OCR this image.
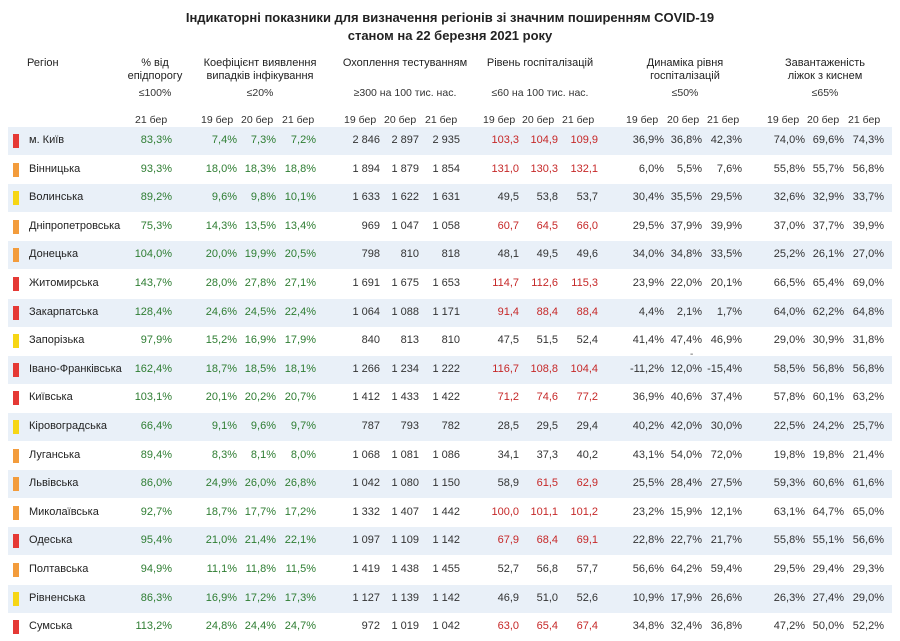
Індикаторні показники для визначення регіонів зі значним поширенням COVID-19
станом на 22 березня 2021 року
Регіон	% від
епідпорогу
≤100%
Коефіцієнт виявлення
випадків інфікування
≤20%
Охоплення тестуванням
≥300 на 100 тис. нас.
Рівень госпіталізацій
≤60 на 100 тис. нас.
Динаміка рівня
госпіталізацій
≤50%
Завантаженість
ліжок з киснем
≤65%
21 бер	19 бер 20 бер 21 бер	19 бер 20 бер 21 бер 19 бер 20 бер 21 бер	19 бер 20 бер 21 бер	19 бер 20 бер 21 бер
м. Київ	83,3%	7,4% 7,3% 7,2%	2 846 2 897 2 935	103,3 104,9 109,9	36,9% 36,8% 42,3%	74,0% 69,6% 74,3%
Вінницька	93,3%	18,0% 18,3% 18,8%	1 894 1 879 1 854	131,0 130,3 132,1	6,0% 5,5% 7,6%	55,8% 55,7% 56,8%
Волинська	89,2%	9,6% 9,8% 10,1%	1 633 1 622 1 631	49,5 53,8 53,7	30,4% 35,5% 29,5%	32,6% 32,9% 33,7%
Дніпропетровська 75,3%	14,3% 13,5% 13,4%	969 1 047 1 058	60,7 64,5 66,0	29,5% 37,9% 39,9%	37,0% 37,7% 39,9%
Донецька	104,0%	20,0% 19,9% 20,5%	798 810 818	48,1 49,5 49,6	34,0% 34,8% 33,5%	25,2% 26,1% 27,0%
Житомирська	143,7%	28,0% 27,8% 27,1%	1 691 1 675 1 653	114,7 112,6 115,3	23,9% 22,0% 20,1%	66,5% 65,4% 69,0%
Закарпатська	128,4%	24,6% 24,5% 22,4%	1 064 1 088 1 171	91,4 88,4 88,4	4,4% 2,1% 1,7%	64,0% 62,2% 64,8%
Запорізька	97,9%	15,2% 16,9% 17,9%	840 813 810	47,5 51,5 52,4	41,4% 47,4% 46,9%	29,0% 30,9% 31,8%
Івано-Франківська 162,4%	18,7% 18,5% 18,1%	1 266 1 234 1 222	116,7 108,8 104,4	-11,2% 12,0% -15,4%	58,5% 56,8% 56,8%
Київська	103,1%	20,1% 20,2% 20,7%	1 412 1 433 1 422	71,2 74,6 77,2	36,9% 40,6% 37,4%	57,8% 60,1% 63,2%
Кіровоградська	66,4%	9,1% 9,6% 9,7%	787 793 782	28,5 29,5 29,4	40,2% 42,0% 30,0%	22,5% 24,2% 25,7%
Луганська	89,4%	8,3% 8,1% 8,0%	1 068 1 081 1 086	34,1 37,3 40,2	43,1% 54,0% 72,0%	19,8% 19,8% 21,4%
Львівська	86,0%	24,9% 26,0% 26,8%	1 042 1 080 1 150	58,9 61,5 62,9	25,5% 28,4% 27,5%	59,3% 60,6% 61,6%
Миколаївська	92,7%	18,7% 17,7% 17,2%	1 332 1 407 1 442	100,0 101,1 101,2	23,2% 15,9% 12,1%	63,1% 64,7% 65,0%
Одеська	95,4%	21,0% 21,4% 22,1%	1 097 1 109 1 142	67,9 68,4 69,1	22,8% 22,7% 21,7%	55,8% 55,1% 56,6%
Полтавська	94,9%	11,1% 11,8% 11,5%	1 419 1 438 1 455	52,7 56,8 57,7	56,6% 64,2% 59,4%	29,5% 29,4% 29,3%
Рівненська	86,3%	16,9% 17,2% 17,3%	1 127 1 139 1 142	46,9 51,0 52,6	10,9% 17,9% 26,6%	26,3% 27,4% 29,0%
Сумська	113,2%	24,8% 24,4% 24,7%	972 1 019 1 042	63,0 65,4 67,4	34,8% 32,4% 36,8%	47,2% 50,0% 52,2%
-
